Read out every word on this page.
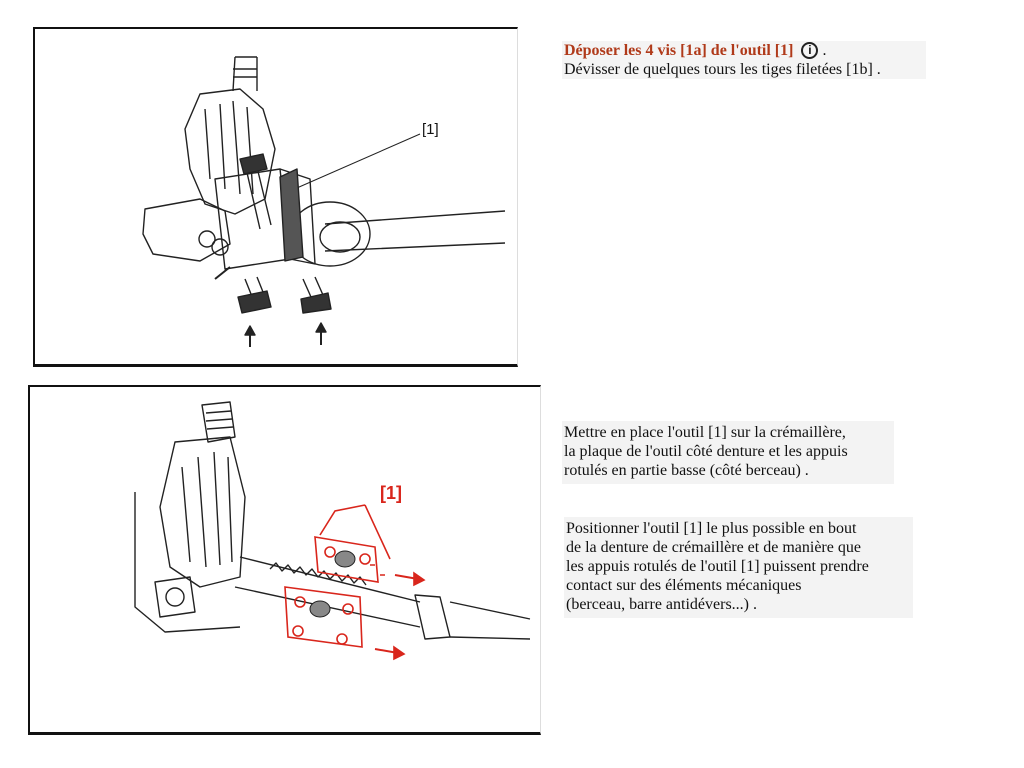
[1]
[1]
Déposer les 4 vis [1a] de l'outil [1] i .
Dévisser de quelques tours les tiges filetées [1b] .
Mettre en place l'outil [1] sur la crémaillère,
la plaque de l'outil côté denture et les appuis
rotulés en partie basse (côté berceau) .
Positionner l'outil [1] le plus possible en bout
de la denture de crémaillère et de manière que
les appuis rotulés de l'outil [1] puissent prendre
contact sur des éléments mécaniques
(berceau, barre antidévers...) .
